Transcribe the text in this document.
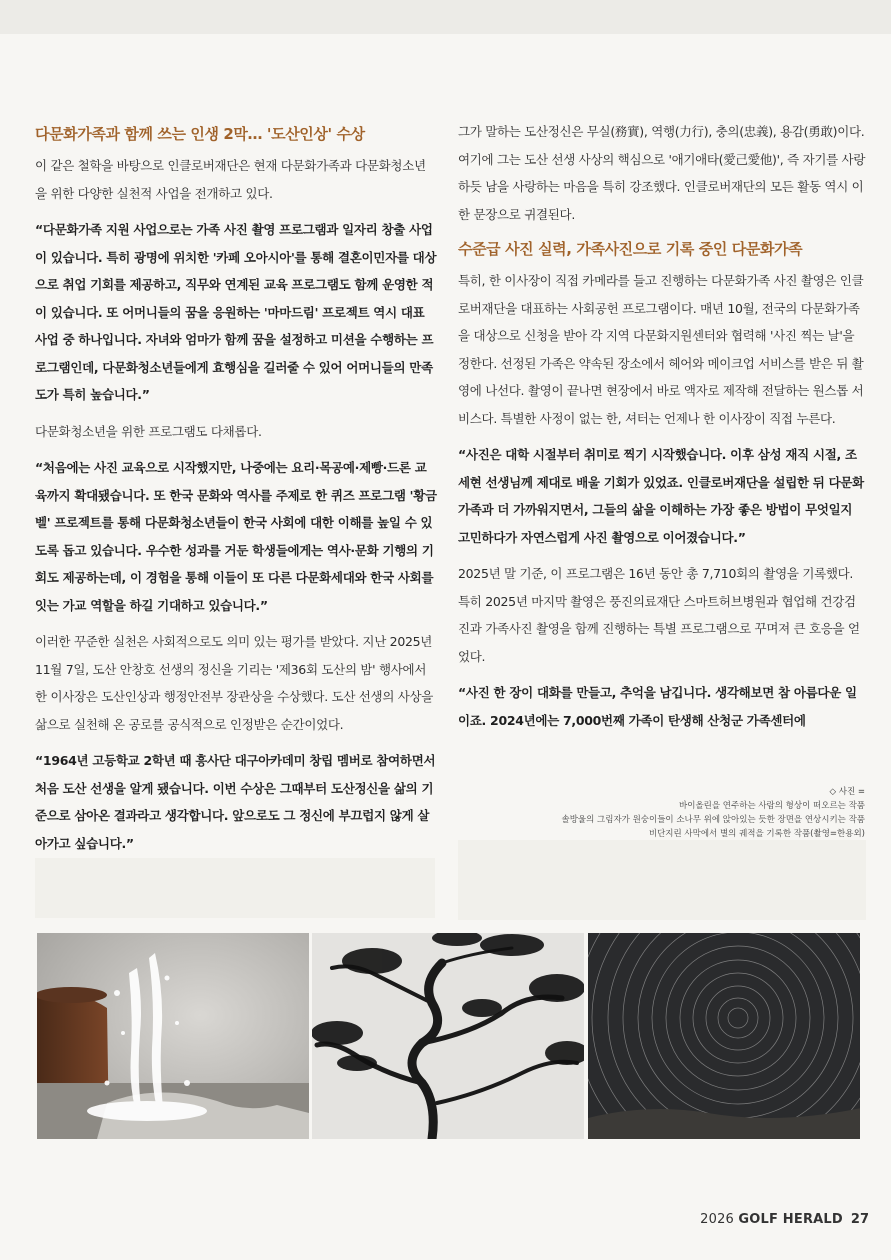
다문화가족과 함께 쓰는 인생 2막… '도산인상' 수상

이 같은 철학을 바탕으로 인클로버재단은 현재 다문화가족과 다문화청소년을 위한 다양한 실천적 사업을 전개하고 있다.

“다문화가족 지원 사업으로는 가족 사진 촬영 프로그램과 일자리 창출 사업이 있습니다. 특히 광명에 위치한 '카페 오아시아'를 통해 결혼이민자를 대상으로 취업 기회를 제공하고, 직무와 연계된 교육 프로그램도 함께 운영한 적이 있습니다. 또 어머니들의 꿈을 응원하는 '마마드림' 프로젝트 역시 대표 사업 중 하나입니다. 자녀와 엄마가 함께 꿈을 설정하고 미션을 수행하는 프로그램인데, 다문화청소년들에게 효행심을 길러줄 수 있어 어머니들의 만족도가 특히 높습니다.”

다문화청소년을 위한 프로그램도 다채롭다.

“처음에는 사진 교육으로 시작했지만, 나중에는 요리·목공예·제빵·드론 교육까지 확대됐습니다. 또 한국 문화와 역사를 주제로 한 퀴즈 프로그램 '황금벨' 프로젝트를 통해 다문화청소년들이 한국 사회에 대한 이해를 높일 수 있도록 돕고 있습니다. 우수한 성과를 거둔 학생들에게는 역사·문화 기행의 기회도 제공하는데, 이 경험을 통해 이들이 또 다른 다문화세대와 한국 사회를 잇는 가교 역할을 하길 기대하고 있습니다.”

이러한 꾸준한 실천은 사회적으로도 의미 있는 평가를 받았다. 지난 2025년 11월 7일, 도산 안창호 선생의 정신을 기리는 '제36회 도산의 밤' 행사에서 한 이사장은 도산인상과 행정안전부 장관상을 수상했다. 도산 선생의 사상을 삶으로 실천해 온 공로를 공식적으로 인정받은 순간이었다.

“1964년 고등학교 2학년 때 흥사단 대구아카데미 창립 멤버로 참여하면서 처음 도산 선생을 알게 됐습니다. 이번 수상은 그때부터 도산정신을 삶의 기준으로 삼아온 결과라고 생각합니다. 앞으로도 그 정신에 부끄럽지 않게 살아가고 싶습니다.”

그가 말하는 도산정신은 무실(務實), 역행(力行), 충의(忠義), 용감(勇敢)이다. 여기에 그는 도산 선생 사상의 핵심으로 '애기애타(愛己愛他)', 즉 자기를 사랑하듯 남을 사랑하는 마음을 특히 강조했다. 인클로버재단의 모든 활동 역시 이 한 문장으로 귀결된다.

수준급 사진 실력, 가족사진으로 기록 중인 다문화가족

특히, 한 이사장이 직접 카메라를 들고 진행하는 다문화가족 사진 촬영은 인클로버재단을 대표하는 사회공헌 프로그램이다. 매년 10월, 전국의 다문화가족을 대상으로 신청을 받아 각 지역 다문화지원센터와 협력해 '사진 찍는 날'을 정한다. 선정된 가족은 약속된 장소에서 헤어와 메이크업 서비스를 받은 뒤 촬영에 나선다. 촬영이 끝나면 현장에서 바로 액자로 제작해 전달하는 원스톱 서비스다. 특별한 사정이 없는 한, 셔터는 언제나 한 이사장이 직접 누른다.

“사진은 대학 시절부터 취미로 찍기 시작했습니다. 이후 삼성 재직 시절, 조세현 선생님께 제대로 배울 기회가 있었죠. 인클로버재단을 설립한 뒤 다문화가족과 더 가까워지면서, 그들의 삶을 이해하는 가장 좋은 방법이 무엇일지 고민하다가 자연스럽게 사진 촬영으로 이어졌습니다.”

2025년 말 기준, 이 프로그램은 16년 동안 총 7,710회의 촬영을 기록했다. 특히 2025년 마지막 촬영은 풍진의료재단 스마트허브병원과 협업해 건강검진과 가족사진 촬영을 함께 진행하는 특별 프로그램으로 꾸며져 큰 호응을 얻었다.

“사진 한 장이 대화를 만들고, 추억을 남깁니다. 생각해보면 참 아름다운 일이죠. 2024년에는 7,000번째 가족이 탄생해 산청군 가족센터에

◇ 사진 =
바이올린을 연주하는 사람의 형상이 떠오르는 작품
솔방울의 그림자가 원숭이들이 소나무 위에 앉아있는 듯한 장면을 연상시키는 작품
비단지린 사막에서 별의 궤적을 기록한 작품(촬영=한용외)
2026 GOLF HERALD 27
